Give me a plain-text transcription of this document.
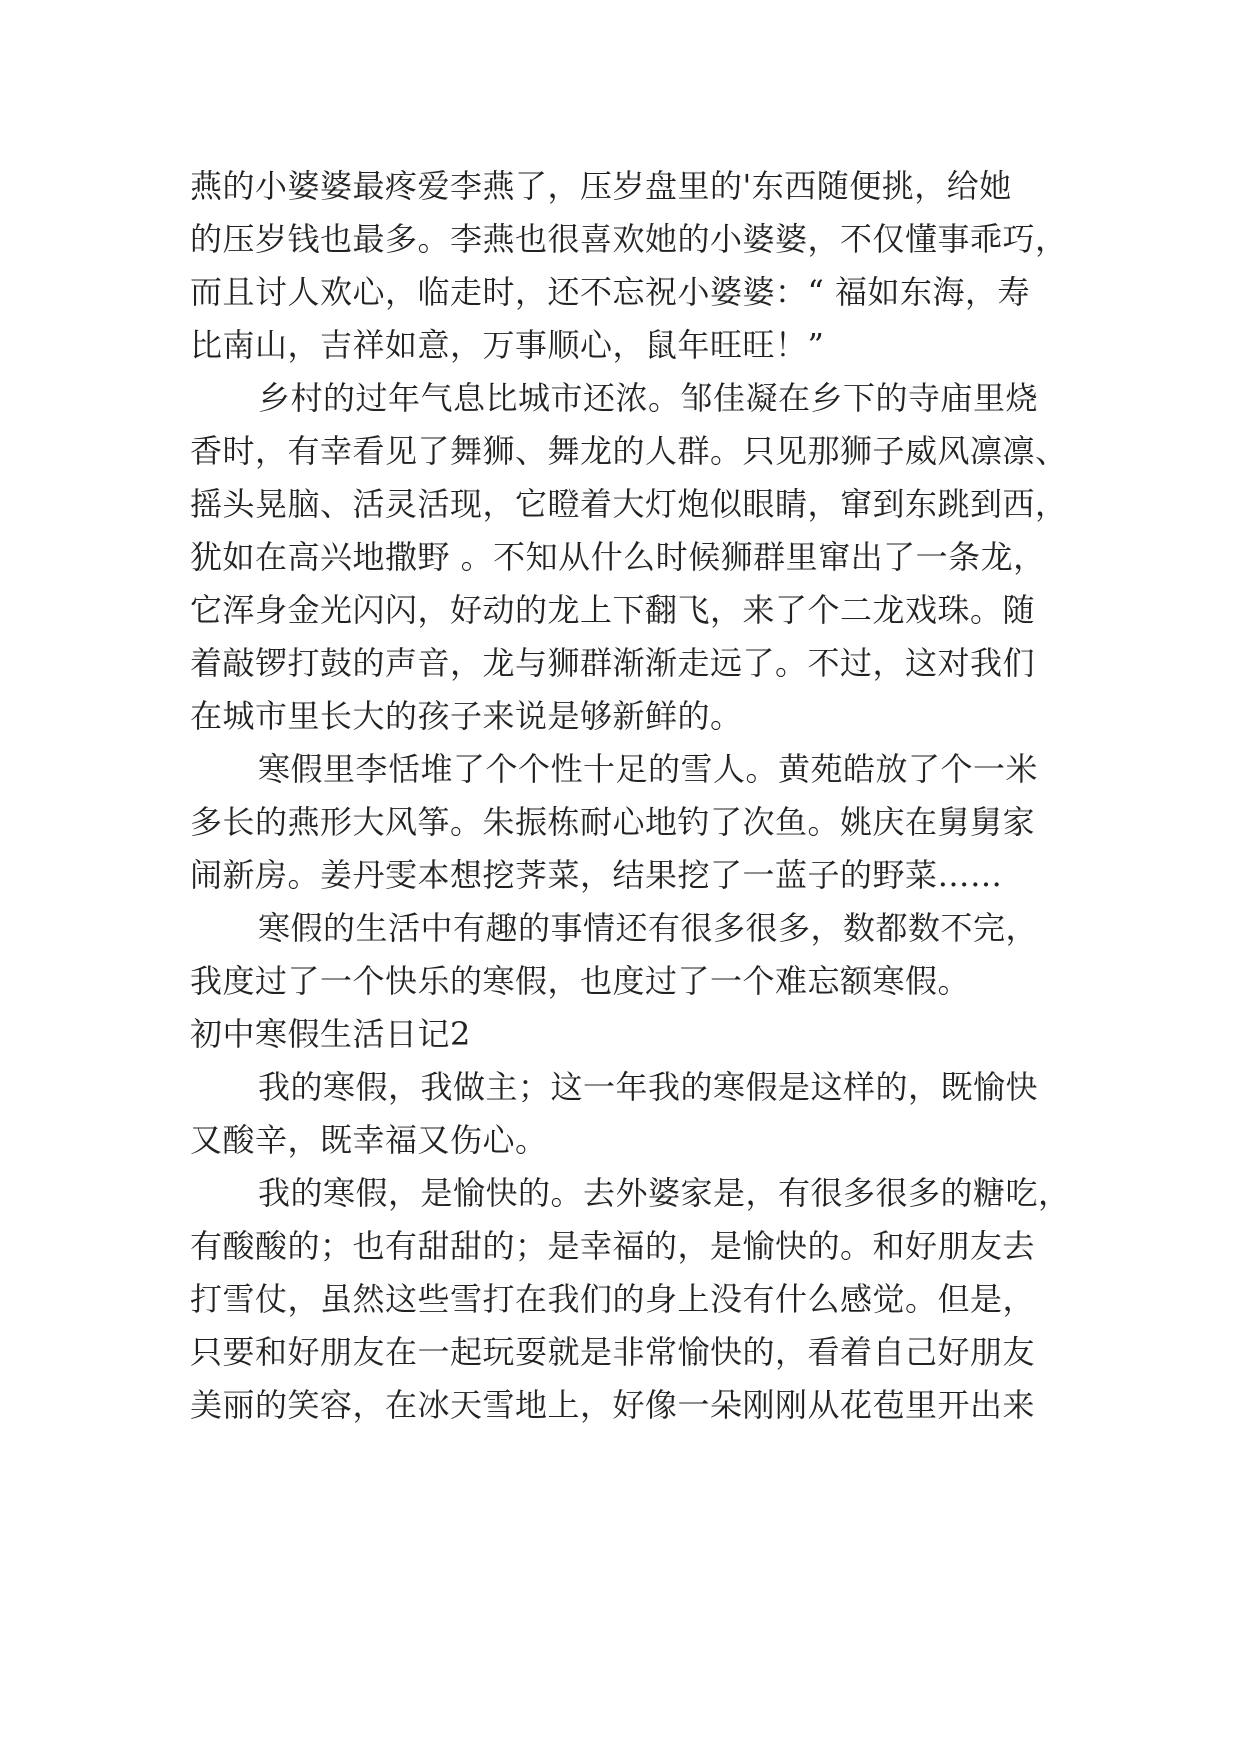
燕的小婆婆最疼爱李燕了，压岁盘里的'东西随便挑，给她
的压岁钱也最多。李燕也很喜欢她的小婆婆，不仅懂事乖巧，
而且讨人欢心，临走时，还不忘祝小婆婆：“ 福如东海，寿
比南山，吉祥如意，万事顺心，鼠年旺旺！”
乡村的过年气息比城市还浓。邹佳凝在乡下的寺庙里烧
香时，有幸看见了舞狮、舞龙的人群。只见那狮子威风凛凛、
摇头晃脑、活灵活现，它瞪着大灯炮似眼睛，窜到东跳到西，
犹如在高兴地撒野 。不知从什么时候狮群里窜出了一条龙，
它浑身金光闪闪，好动的龙上下翻飞，来了个二龙戏珠。随
着敲锣打鼓的声音，龙与狮群渐渐走远了。不过，这对我们
在城市里长大的孩子来说是够新鲜的。
寒假里李恬堆了个个性十足的雪人。黄苑皓放了个一米
多长的燕形大风筝。朱振栋耐心地钓了次鱼。姚庆在舅舅家
闹新房。姜丹雯本想挖荠菜，结果挖了一蓝子的野菜……
寒假的生活中有趣的事情还有很多很多，数都数不完，
我度过了一个快乐的寒假，也度过了一个难忘额寒假。
初中寒假生活日记2
我的寒假，我做主；这一年我的寒假是这样的，既愉快
又酸辛，既幸福又伤心。
我的寒假，是愉快的。去外婆家是，有很多很多的糖吃，
有酸酸的；也有甜甜的；是幸福的，是愉快的。和好朋友去
打雪仗，虽然这些雪打在我们的身上没有什么感觉。但是，
只要和好朋友在一起玩耍就是非常愉快的，看着自己好朋友
美丽的笑容，在冰天雪地上，好像一朵刚刚从花苞里开出来
